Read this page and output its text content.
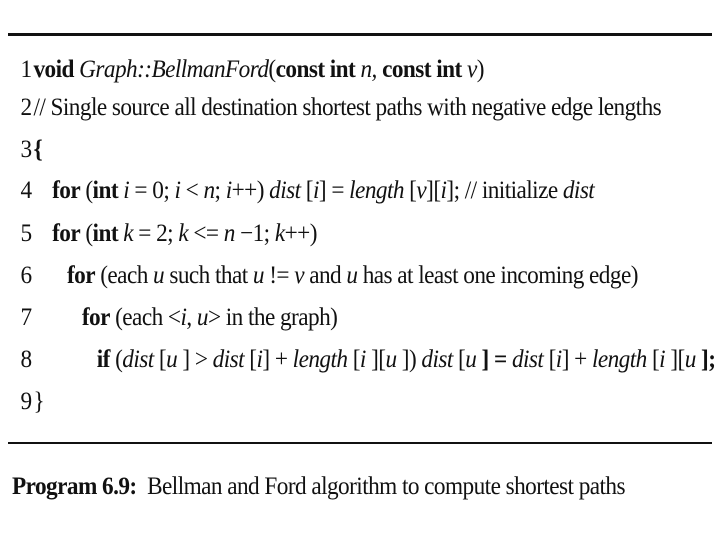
1 void Graph::BellmanFord(const int n, const int v)
2 // Single source all destination shortest paths with negative edge lengths
3 {
4 for (int i = 0; i < n; i++) dist [i] = length [v][i]; // initialize dist
5 for (int k = 2; k <= n −1; k++)
6 for (each u such that u != v and u has at least one incoming edge)
7 for (each <i, u> in the graph)
8	if (dist [u ] > dist [i] + length [i ][u ]) dist [u ] = dist [i] + length [i ][u ];
9 }
Program 6.9:  Bellman and Ford algorithm to compute shortest paths
